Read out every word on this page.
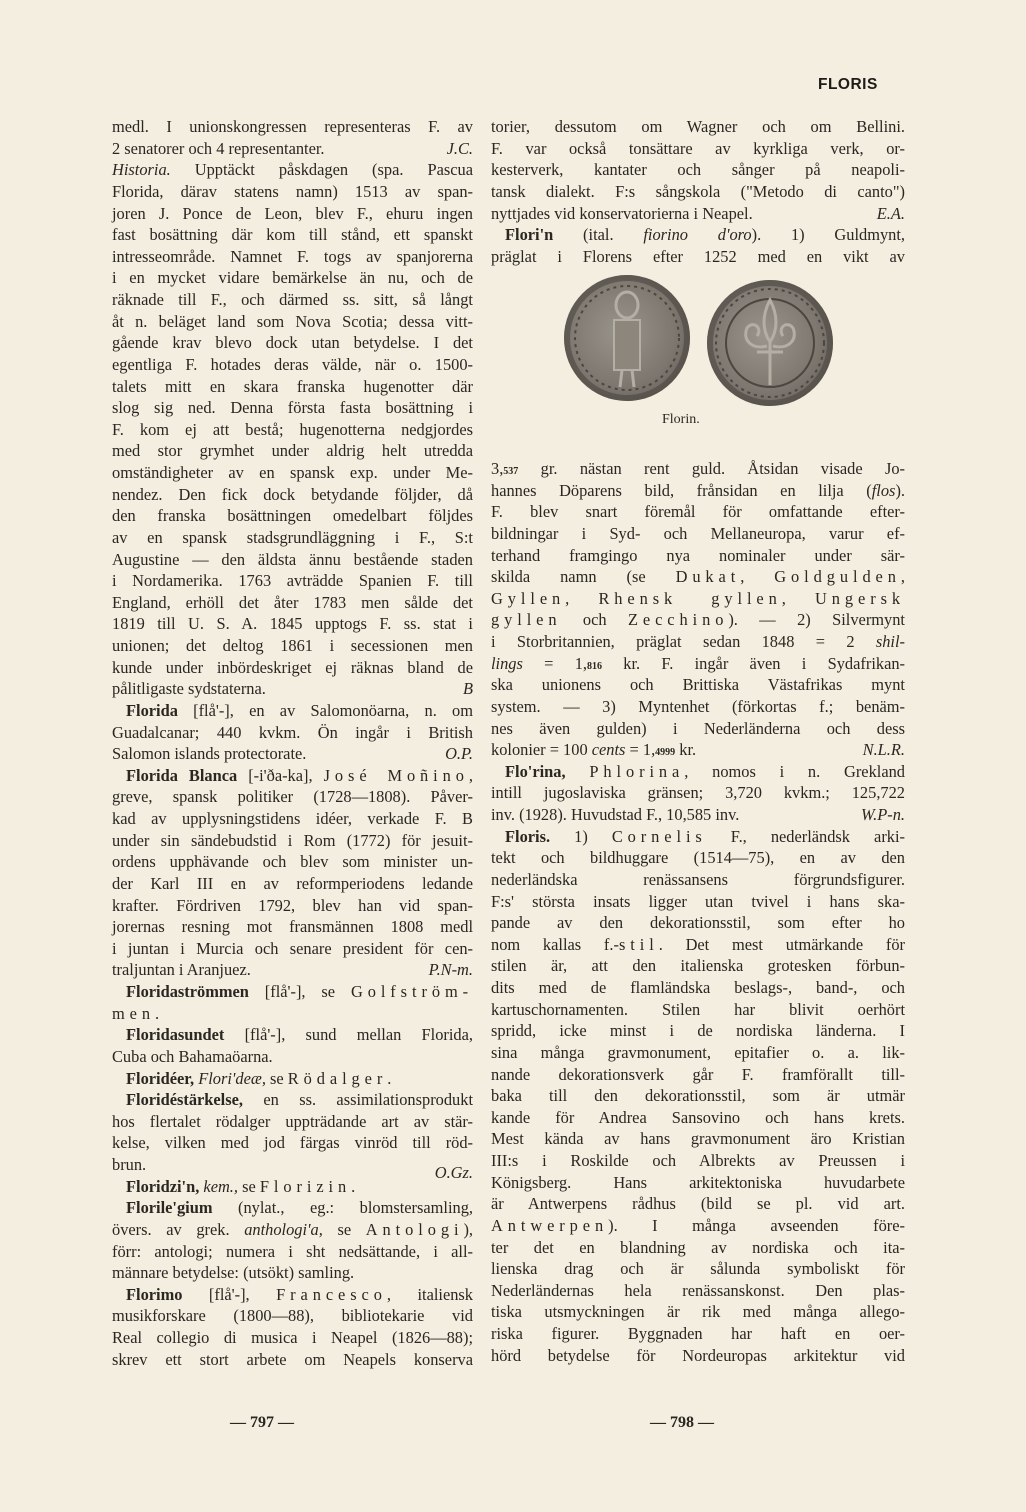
FLORIS
medl. I unionskongressen representeras F. av
2 senatorer och 4 representanter.	J.C.
Historia. Upptäckt påskdagen (spa. Pascua
Florida, därav statens namn) 1513 av span-
joren J. Ponce de Leon, blev F., ehuru ingen
fast bosättning där kom till stånd, ett spanskt
intresseområde. Namnet F. togs av spanjorerna
i en mycket vidare bemärkelse än nu, och de
räknade till F., och därmed ss. sitt, så långt
åt n. beläget land som Nova Scotia; dessa vitt-
gående krav blevo dock utan betydelse. I det
egentliga F. hotades deras välde, när o. 1500-
talets mitt en skara franska hugenotter där
slog sig ned. Denna första fasta bosättning i
F. kom ej att bestå; hugenotterna nedgjordes
med stor grymhet under aldrig helt utredda
omständigheter av en spansk exp. under Me-
nendez. Den fick dock betydande följder, då
den franska bosättningen omedelbart följdes
av en spansk stadsgrundläggning i F., S:t
Augustine — den äldsta ännu bestående staden
i Nordamerika. 1763 avträdde Spanien F. till
England, erhöll det åter 1783 men sålde det
1819 till U. S. A. 1845 upptogs F. ss. stat i
unionen; det deltog 1861 i secessionen men
kunde under inbördeskriget ej räknas bland de
pålitligaste sydstaterna.	B
Florida [flå'-], en av Salomonöarna, n. om
Guadalcanar; 440 kvkm. Ön ingår i British
Salomon islands protectorate.	O.P.
Florida Blanca [-i'ða-ka], José Moñino,
greve, spansk politiker (1728—1808). Påver-
kad av upplysningstidens idéer, verkade F. B
under sin sändebudstid i Rom (1772) för jesuit-
ordens upphävande och blev som minister un-
der Karl III en av reformperiodens ledande
krafter. Fördriven 1792, blev han vid span-
jorernas resning mot fransmännen 1808 medl
i juntan i Murcia och senare president för cen-
traljuntan i Aranjuez.	P.N-m.
Floridaströmmen [flå'-], se Golfström-
men.
Floridasundet [flå'-], sund mellan Florida,
Cuba och Bahamaöarna.
Floridéer, Flori'deæ, se Rödalger.
Floridéstärkelse, en ss. assimilationsprodukt
hos flertalet rödalger uppträdande art av stär-
kelse, vilken med jod färgas vinröd till röd-
brun.	O.Gz.
Floridzi'n, kem., se Florizin.
Florile'gium (nylat., eg.: blomstersamling,
övers. av grek. anthologi'a, se Antologi),
förr: antologi; numera i sht nedsättande, i all-
männare betydelse: (utsökt) samling.
Florimo [flå'-], Francesco, italiensk
musikforskare (1800—88), bibliotekarie vid
Real collegio di musica i Neapel (1826—88);
skrev ett stort arbete om Neapels konserva
torier, dessutom om Wagner och om Bellini.
F. var också tonsättare av kyrkliga verk, or-
kesterverk, kantater och sånger på neapoli-
tansk dialekt. F:s sångskola ("Metodo di canto")
nyttjades vid konservatorierna i Neapel.	E.A.
Flori'n (ital. fiorino d'oro). 1) Guldmynt,
präglat i Florens efter 1252 med en vikt av
Florin.
3,537 gr. nästan rent guld. Åtsidan visade Jo-
hannes Döparens bild, frånsidan en lilja (flos).
F. blev snart föremål för omfattande efter-
bildningar i Syd- och Mellaneuropa, varur ef-
terhand framgingo nya nominaler under sär-
skilda namn (se Dukat, Goldgulden,
Gyllen, Rhensk gyllen, Ungersk
gyllen och Zecchino). — 2) Silvermynt
i Storbritannien, präglat sedan 1848 = 2 shil-
lings = 1,816 kr. F. ingår även i Sydafrikan-
ska unionens och Brittiska Västafrikas mynt
system. — 3) Myntenhet (förkortas f.; benäm-
nes även gulden) i Nederländerna och dess
kolonier = 100 cents = 1,4999 kr.	N.L.R.
Flo'rina, Phlorina, nomos i n. Grekland
intill jugoslaviska gränsen; 3,720 kvkm.; 125,722
inv. (1928). Huvudstad F., 10,585 inv.	W.P-n.
Floris. 1) Cornelis F., nederländsk arki-
tekt och bildhuggare (1514—75), en av den
nederländska renässansens förgrundsfigurer.
F:s' största insats ligger utan tvivel i hans ska-
pande av den dekorationsstil, som efter ho
nom kallas f.-stil. Det mest utmärkande för
stilen är, att den italienska grotesken förbun-
dits med de flamländska beslags-, band-, och
kartuschornamenten. Stilen har blivit oerhört
spridd, icke minst i de nordiska länderna. I
sina många gravmonument, epitafier o. a. lik-
nande dekorationsverk går F. framförallt till-
baka till den dekorationsstil, som är utmär
kande för Andrea Sansovino och hans krets.
Mest kända av hans gravmonument äro Kristian
III:s i Roskilde och Albrekts av Preussen i
Königsberg. Hans arkitektoniska huvudarbete
är Antwerpens rådhus (bild se pl. vid art.
Antwerpen). I många avseenden före-
ter det en blandning av nordiska och ita-
lienska drag och är sålunda symboliskt för
Nederländernas hela renässanskonst. Den plas-
tiska utsmyckningen är rik med många allego-
riska figurer. Byggnaden har haft en oer-
hörd betydelse för Nordeuropas arkitektur vid
— 797 —	— 798 —
